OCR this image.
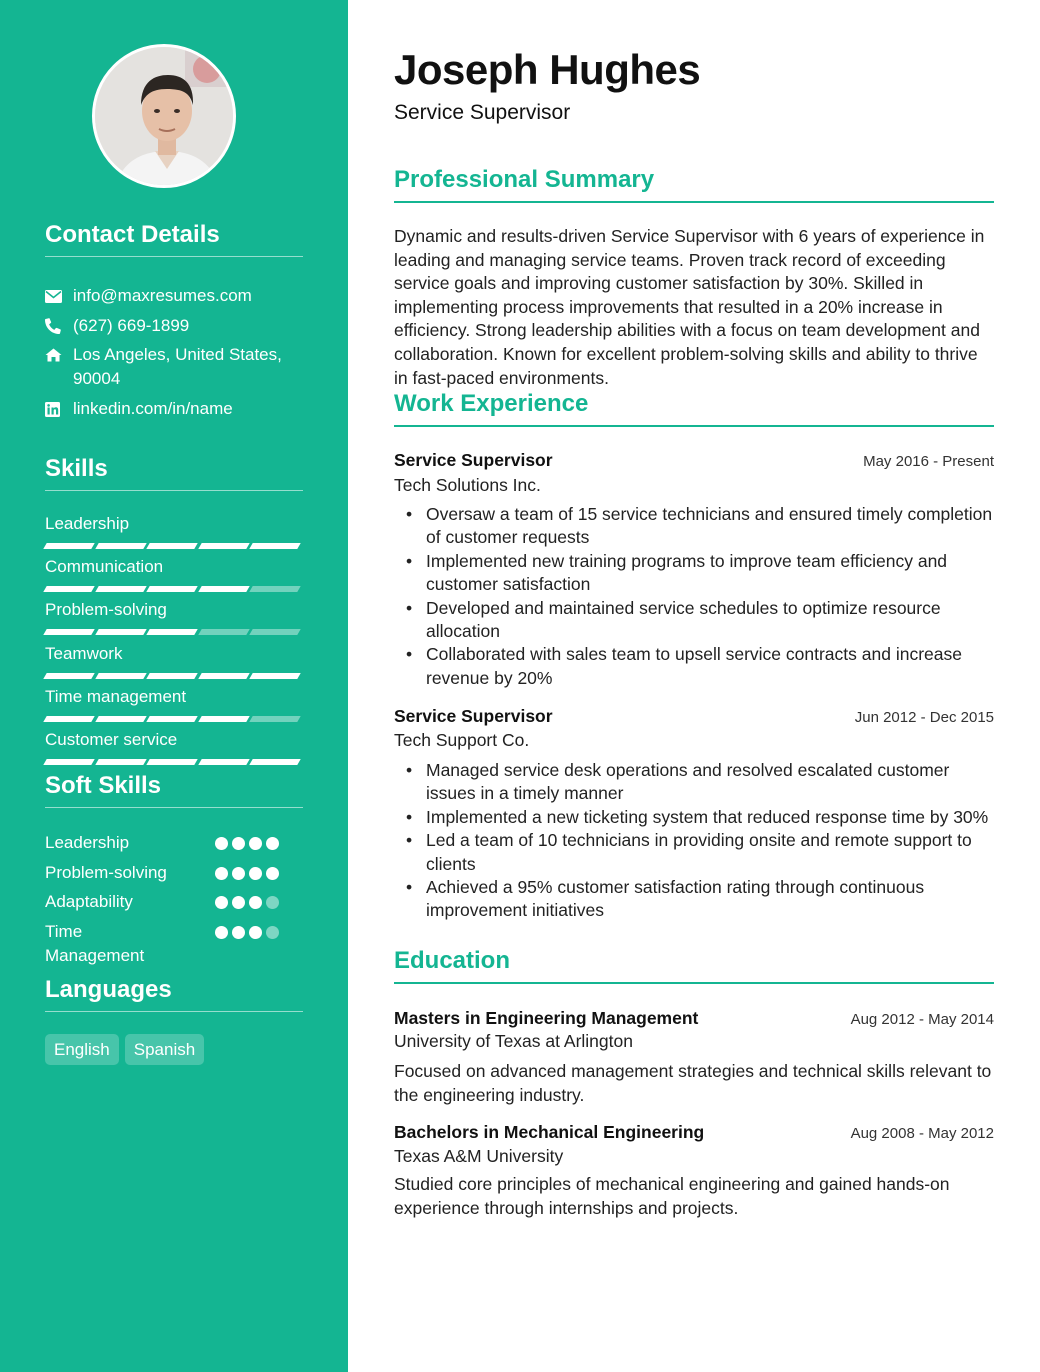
Contact Details
info@maxresumes.com
(627) 669-1899
Los Angeles, United States,
90004
linkedin.com/in/name
Skills
Leadership
Communication
Problem-solving
Teamwork
Time management
Customer service
Soft Skills
Leadership
Problem-solving
Adaptability
Time
Management
Languages
English	Spanish
Joseph Hughes
Service Supervisor
Professional Summary

Dynamic and results-driven Service Supervisor with 6 years of experience in leading and managing service teams. Proven track record of exceeding service goals and improving customer satisfaction by 30%. Skilled in implementing process improvements that resulted in a 20% increase in efficiency. Strong leadership abilities with a focus on team development and collaboration. Known for excellent problem-solving skills and ability to thrive in fast-paced environments.

Work Experience
Service Supervisor	May 2016 - Present
Tech Solutions Inc.
• Oversaw a team of 15 service technicians and ensured timely completion of customer requests
• Implemented new training programs to improve team efficiency and customer satisfaction
• Developed and maintained service schedules to optimize resource allocation
• Collaborated with sales team to upsell service contracts and increase revenue by 20%
Service Supervisor	Jun 2012 - Dec 2015
Tech Support Co.
• Managed service desk operations and resolved escalated customer issues in a timely manner
• Implemented a new ticketing system that reduced response time by 30%
• Led a team of 10 technicians in providing onsite and remote support to clients
• Achieved a 95% customer satisfaction rating through continuous improvement initiatives
Education
Masters in Engineering Management	Aug 2012 - May 2014
University of Texas at Arlington

Focused on advanced management strategies and technical skills relevant to the engineering industry.

Bachelors in Mechanical Engineering	Aug 2008 - May 2012
Texas A&M University

Studied core principles of mechanical engineering and gained hands-on experience through internships and projects.
